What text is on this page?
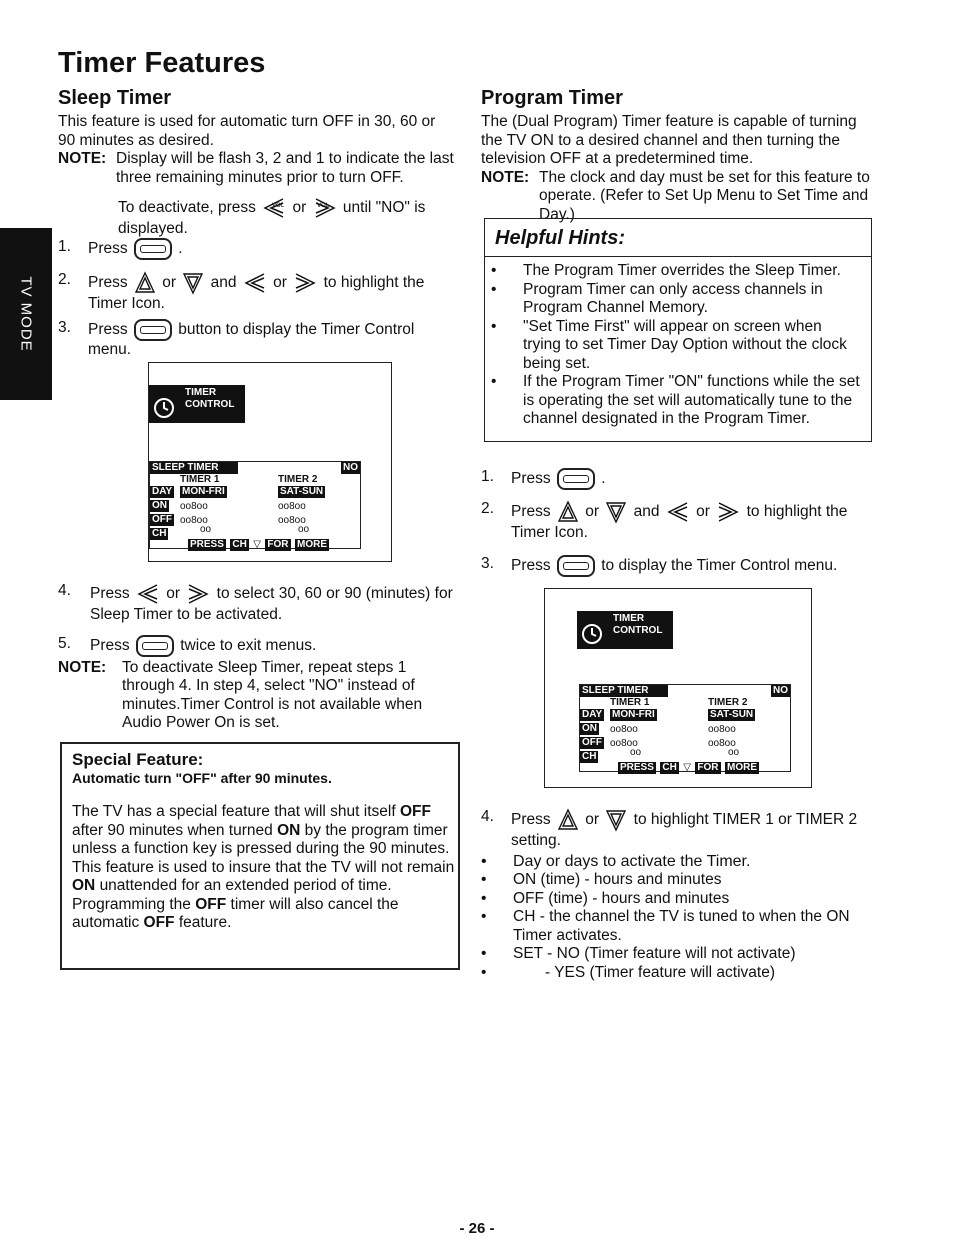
Timer Features
TV MODE
Sleep Timer

This feature is used for automatic turn OFF in 30, 60 or 90 minutes as desired.

NOTE: Display will be flash 3, 2 and 1 to indicate the last three remaining minutes prior to turn OFF.
To deactivate, press	VOL or VOL until "NO" is displayed.
1.	Press	.
2.	Press or and or to highlight the Timer Icon.
3.	Press	button to display the Timer Control menu.
TIMER
CONTROL
SLEEP TIMER	NO
TIMER 1	TIMER 2
DAY MON-FRI	SAT-SUN
ON oo8oo	oo8oo
OFF oo8oo	oo8oo
CH	oo	oo
PRESS CH ▽ FOR MORE
4.	Press or to select 30, 60 or 90 (minutes) for Sleep Timer to be activated.
5.	Press	twice to exit menus.
NOTE:	To deactivate Sleep Timer, repeat steps 1 through 4. In step 4, select "NO" instead of minutes.Timer Control is not available when Audio Power On is set.
Special Feature:
Automatic turn "OFF" after 90 minutes.

The TV has a special feature that will shut itself OFF after 90 minutes when turned ON by the program timer unless a function key is pressed during the 90 minutes.

This feature is used to insure that the TV will not remain ON unattended for an extended period of time.

Programming the OFF timer will also cancel the automatic OFF feature.

Program Timer

The (Dual Program) Timer feature is capable of turning the TV ON to a desired channel and then turning the television OFF at a predetermined time.

NOTE: The clock and day must be set for this feature to operate. (Refer to Set Up Menu to Set Time and Day.)
Helpful Hints:
•	The Program Timer overrides the Sleep Timer.
•	Program Timer can only access channels in Program Channel Memory.
•	"Set Time First" will appear on screen when trying to set Timer Day Option without the clock being set.
•	If the Program Timer "ON" functions while the set is operating the set will automatically tune to the channel designated in the Program Timer.
1.	Press	.
2.	Press or and or to highlight the Timer Icon.
3.	Press	to display the Timer Control menu.
TIMER
CONTROL
SLEEP TIMER	NO
TIMER 1	TIMER 2
DAY MON-FRI	SAT-SUN
ON oo8oo	oo8oo
OFF oo8oo	oo8oo
CH	oo	oo
PRESS CH ▽ FOR MORE
4.	Press or to highlight TIMER 1 or TIMER 2 setting.
•	Day or days to activate the Timer.
•	ON (time) - hours and minutes
•	OFF (time) - hours and minutes
•	CH - the channel the TV is tuned to when the ON Timer activates.
•	SET - NO (Timer feature will not activate)
•	- YES (Timer feature will activate)
- 26 -
